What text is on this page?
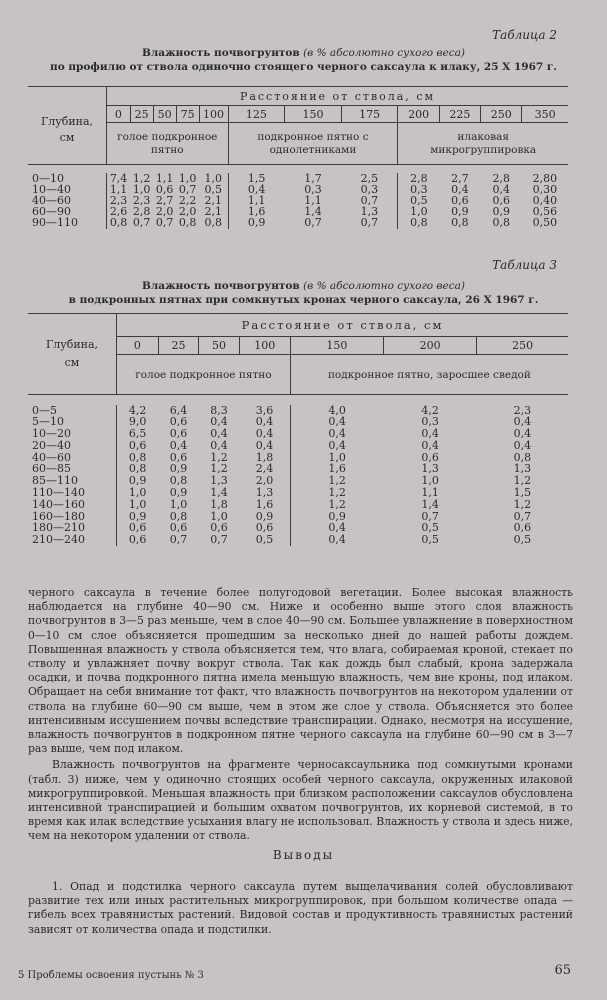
Таблица 2
Влажность почвогрунтов (в % абсолютно сухого веса)
по профилю от ствола одиночно стоящего черного саксаула к илаку, 25 X 1967 г.
Глубина,
см	Расстояние от ствола, см											
	0	25	50	75	100	125	150	175	200	225	250	350
	голое подкронное пятно					подкронное пятно с однолетниками			илаковая микрогруппировка			

0—10	7,4	1,2	1,1	1,0	1,0	1,5	1,7	2,5	2,8	2,7	2,8	2,80
10—40	1,1	1,0	0,6	0,7	0,5	0,4	0,3	0,3	0,3	0,4	0,4	0,30
40—60	2,3	2,3	2,7	2,2	2,1	1,1	1,1	0,7	0,5	0,6	0,6	0,40
60—90	2,6	2,8	2,0	2,0	2,1	1,6	1,4	1,3	1,0	0,9	0,9	0,56
90—110	0,8	0,7	0,7	0,8	0,8	0,9	0,7	0,7	0,8	0,8	0,8	0,50
Таблица 3
Влажность почвогрунтов (в % абсолютно сухого веса)
в подкронных пятнах при сомкнутых кронах черного саксаула, 26 X 1967 г.
Глубина,
см	Расстояние от ствола, см						
	0	25	50	100	150	200	250
	голое подкронное пятно				подкронное пятно, заросшее сведой		

0—5	4,2	6,4	8,3	3,6	4,0	4,2	2,3
5—10	9,0	0,6	0,4	0,4	0,4	0,3	0,4
10—20	6,5	0,6	0,4	0,4	0,4	0,4	0,4
20—40	0,6	0,4	0,4	0,4	0,4	0,4	0,4
40—60	0,8	0,6	1,2	1,8	1,0	0,6	0,8
60—85	0,8	0,9	1,2	2,4	1,6	1,3	1,3
85—110	0,9	0,8	1,3	2,0	1,2	1,0	1,2
110—140	1,0	0,9	1,4	1,3	1,2	1,1	1,5
140—160	1,0	1,0	1,8	1,6	1,2	1,4	1,2
160—180	0,9	0,8	1,0	0,9	0,9	0,7	0,7
180—210	0,6	0,6	0,6	0,6	0,4	0,5	0,6
210—240	0,6	0,7	0,7	0,5	0,4	0,5	0,5

черного саксаула в течение более полугодовой вегетации. Более высокая влажность наблюдается на глубине 40—90 см. Ниже и особенно выше этого слоя влажность почвогрунтов в 3—5 раз меньше, чем в слое 40—90 см. Большее увлажнение в поверхностном 0—10 см слое объясняется прошедшим за несколько дней до нашей работы дождем. Повышенная влажность у ствола объясняется тем, что влага, собираемая кроной, стекает по стволу и увлажняет почву вокруг ствола. Так как дождь был слабый, крона задержала осадки, и почва подкронного пятна имела меньшую влажность, чем вне кроны, под илаком. Обращает на себя внимание тот факт, что влажность почвогрунтов на некотором удалении от ствола на глубине 60—90 см выше, чем в этом же слое у ствола. Объясняется это более интенсивным иссушением почвы вследствие транспирации. Однако, несмотря на иссушение, влажность почвогрунтов в подкронном пятне черного саксаула на глубине 60—90 см в 3—7 раз выше, чем под илаком.

Влажность почвогрунтов на фрагменте черносаксаульника под сомкнутыми кронами (табл. 3) ниже, чем у одиночно стоящих особей черного саксаула, окруженных илаковой микрогруппировкой. Меньшая влажность при близком расположении саксаулов обусловлена интенсивной транспирацией и большим охватом почвогрунтов, их корневой системой, в то время как илак вследствие усыхания влагу не использовал. Влажность у ствола и здесь ниже, чем на некотором удалении от ствола.

Выводы

1. Опад и подстилка черного саксаула путем выщелачивания солей обусловливают развитие тех или иных растительных микрогруппировок, при большом количестве опада — гибель всех травянистых растений. Видовой состав и продуктивность травянистых растений зависят от количества опада и подстилки.

5 Проблемы освоения пустынь № 3	65
